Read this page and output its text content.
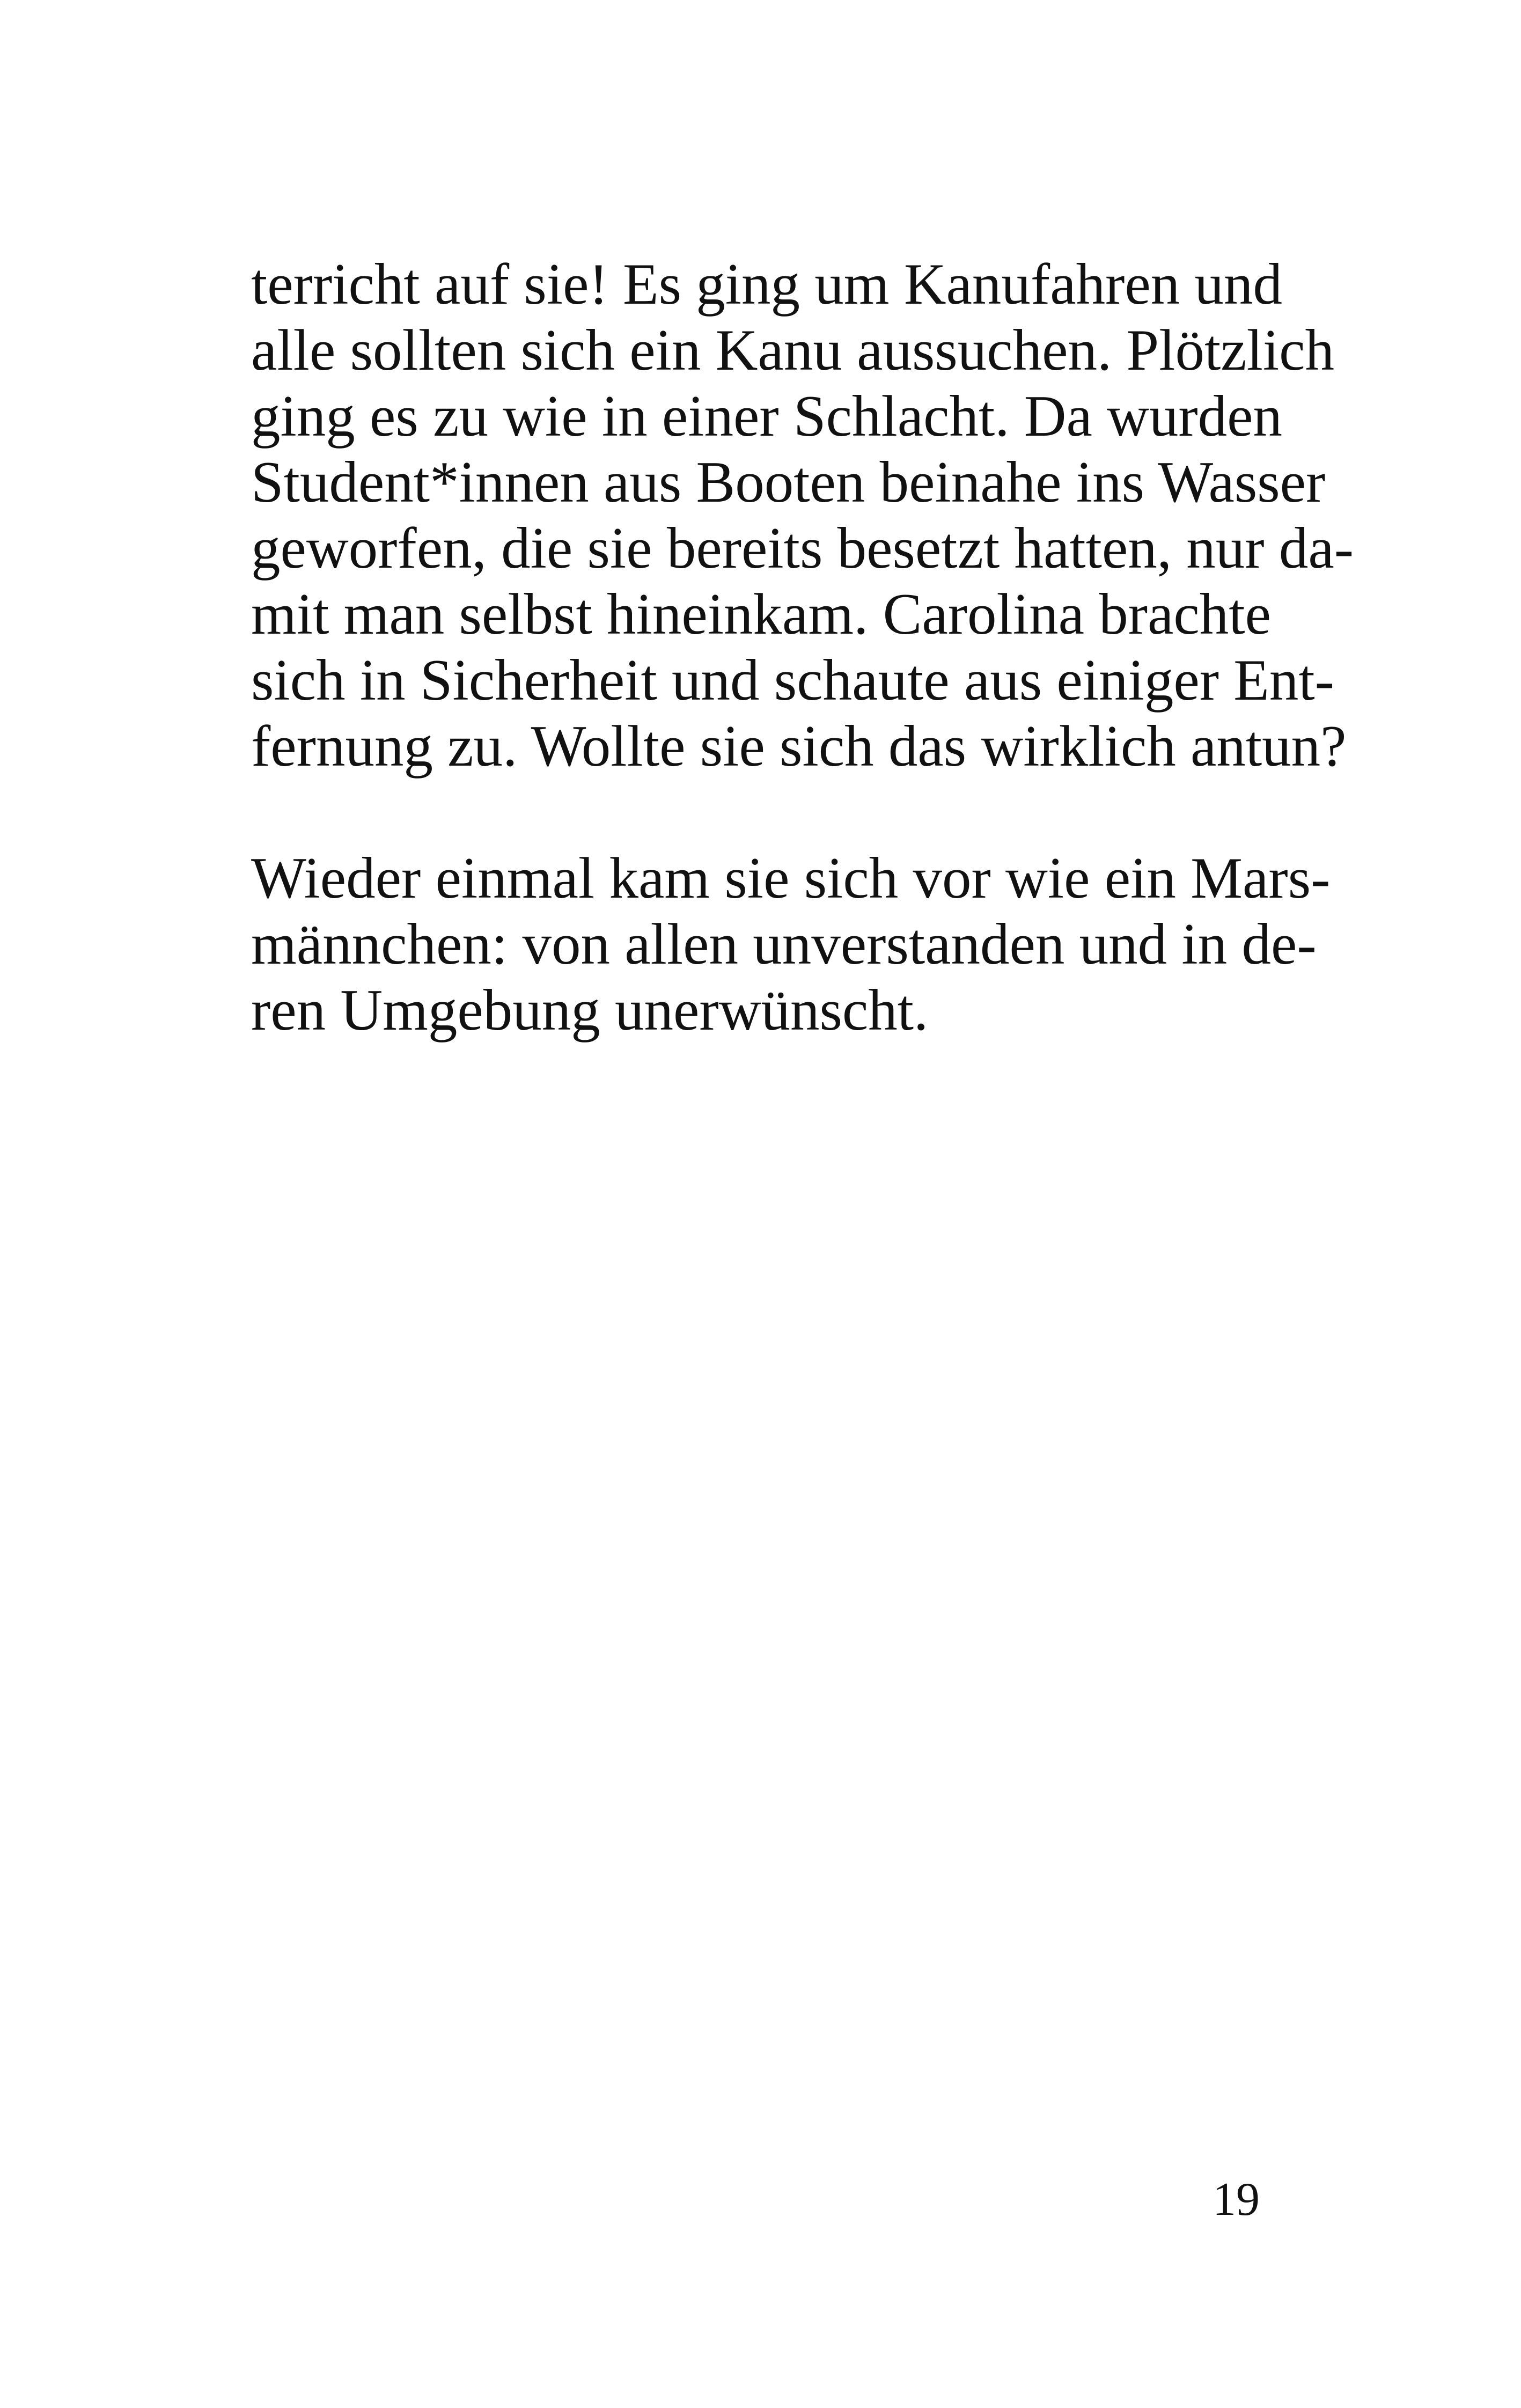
terricht auf sie! Es ging um Kanufahren und
alle sollten sich ein Kanu aussuchen. Plötzlich
ging es zu wie in einer Schlacht. Da wurden
Student*innen aus Booten beinahe ins Wasser
geworfen, die sie bereits besetzt hatten, nur da-
mit man selbst hineinkam. Carolina brachte
sich in Sicherheit und schaute aus einiger Ent-
fernung zu. Wollte sie sich das wirklich antun?
Wieder einmal kam sie sich vor wie ein Mars-
männchen: von allen unverstanden und in de-
ren Umgebung unerwünscht.
19
